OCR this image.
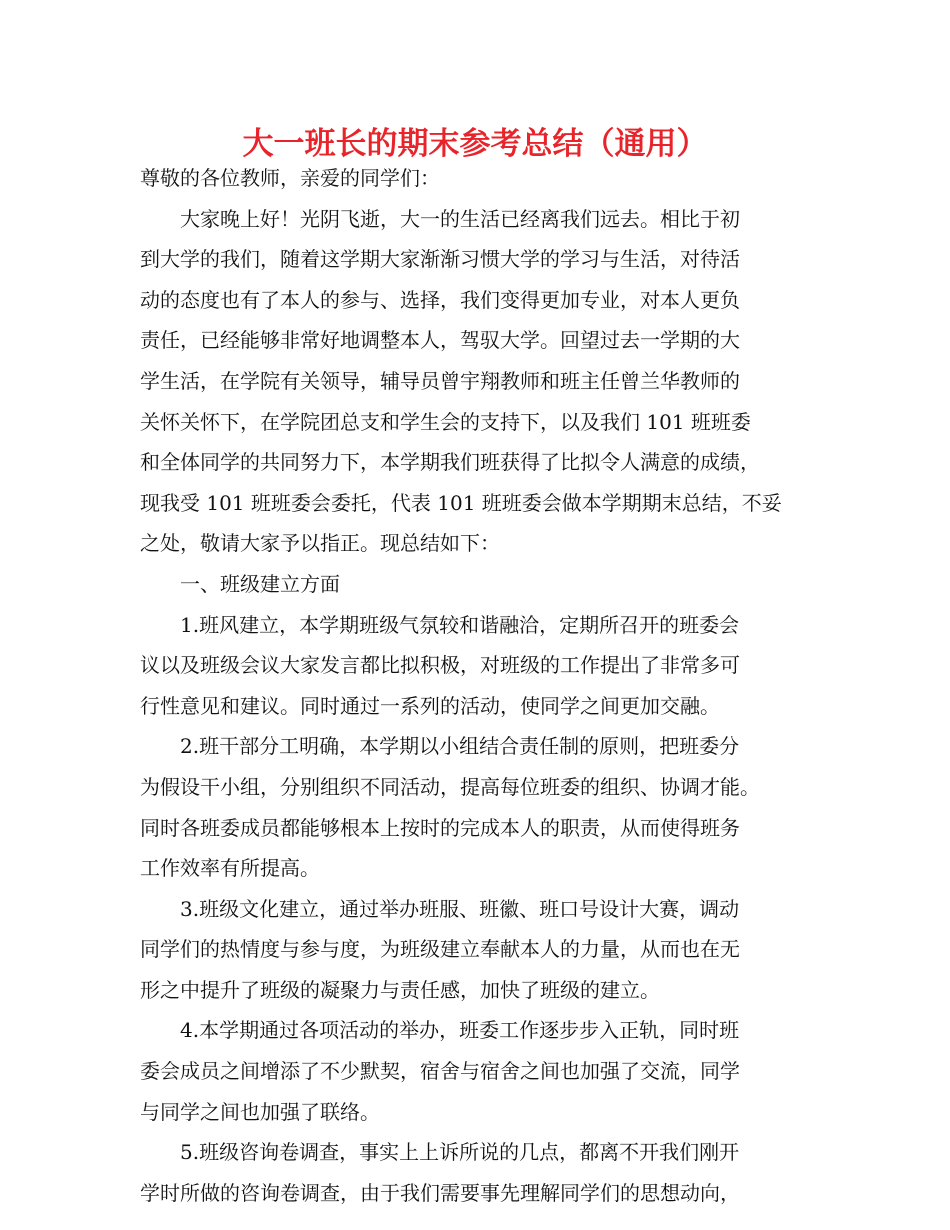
大一班长的期末参考总结（通用）

尊敬的各位教师，亲爱的同学们：

大家晚上好！光阴飞逝，大一的生活已经离我们远去。相比于初

到大学的我们，随着这学期大家渐渐习惯大学的学习与生活，对待活

动的态度也有了本人的参与、选择，我们变得更加专业，对本人更负

责任，已经能够非常好地调整本人，驾驭大学。回望过去一学期的大

学生活，在学院有关领导，辅导员曾宇翔教师和班主任曾兰华教师的

关怀关怀下，在学院团总支和学生会的支持下，以及我们 101 班班委

和全体同学的共同努力下，本学期我们班获得了比拟令人满意的成绩，

现我受 101 班班委会委托，代表 101 班班委会做本学期期末总结，不妥

之处，敬请大家予以指正。现总结如下：

一、班级建立方面

1.班风建立，本学期班级气氛较和谐融洽，定期所召开的班委会

议以及班级会议大家发言都比拟积极，对班级的工作提出了非常多可

行性意见和建议。同时通过一系列的活动，使同学之间更加交融。

2.班干部分工明确，本学期以小组结合责任制的原则，把班委分

为假设干小组，分别组织不同活动，提高每位班委的组织、协调才能。

同时各班委成员都能够根本上按时的完成本人的职责，从而使得班务

工作效率有所提高。

3.班级文化建立，通过举办班服、班徽、班口号设计大赛，调动

同学们的热情度与参与度，为班级建立奉献本人的力量，从而也在无

形之中提升了班级的凝聚力与责任感，加快了班级的建立。

4.本学期通过各项活动的举办，班委工作逐步步入正轨，同时班

委会成员之间增添了不少默契，宿舍与宿舍之间也加强了交流，同学

与同学之间也加强了联络。

5.班级咨询卷调查，事实上上诉所说的几点，都离不开我们刚开

学时所做的咨询卷调查，由于我们需要事先理解同学们的思想动向，
